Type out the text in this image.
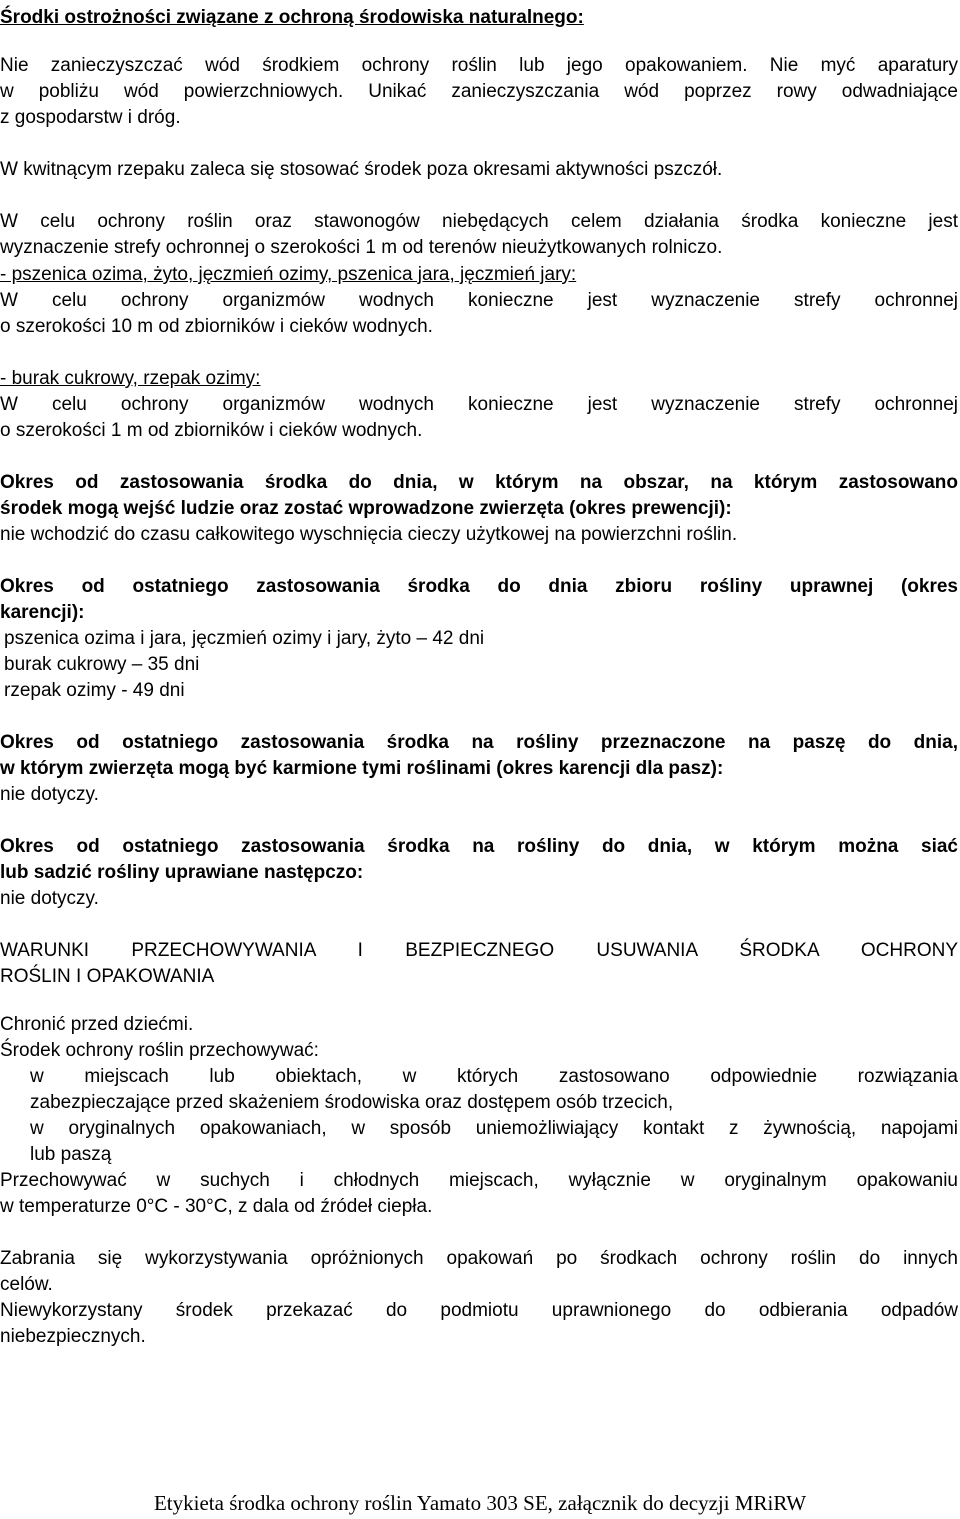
Środki ostrożności związane z ochroną środowiska naturalnego:

Nie zanieczyszczać wód środkiem ochrony roślin lub jego opakowaniem. Nie myć aparatury

w pobliżu wód powierzchniowych. Unikać zanieczyszczania wód poprzez rowy odwadniające

z gospodarstw i dróg.

W kwitnącym rzepaku zaleca się stosować środek poza okresami aktywności pszczół.

W celu ochrony roślin oraz stawonogów niebędących celem działania środka konieczne jest

wyznaczenie strefy ochronnej o szerokości 1 m od terenów nieużytkowanych rolniczo.

- pszenica ozima, żyto, jęczmień ozimy, pszenica jara, jęczmień jary:

W celu ochrony organizmów wodnych konieczne jest wyznaczenie strefy ochronnej

o szerokości 10 m od zbiorników i cieków wodnych.

- burak cukrowy, rzepak ozimy:

W celu ochrony organizmów wodnych konieczne jest wyznaczenie strefy ochronnej

o szerokości 1 m od zbiorników i cieków wodnych.

Okres od zastosowania środka do dnia, w którym na obszar, na którym zastosowano

środek mogą wejść ludzie oraz zostać wprowadzone zwierzęta (okres prewencji):

nie wchodzić do czasu całkowitego wyschnięcia cieczy użytkowej na powierzchni roślin.

Okres od ostatniego zastosowania środka do dnia zbioru rośliny uprawnej (okres

karencji):

pszenica ozima i jara, jęczmień ozimy i jary, żyto – 42 dni

burak cukrowy – 35 dni

rzepak ozimy - 49 dni

Okres od ostatniego zastosowania środka na rośliny przeznaczone na paszę do dnia,

w którym zwierzęta mogą być karmione tymi roślinami (okres karencji dla pasz):

nie dotyczy.

Okres od ostatniego zastosowania środka na rośliny do dnia, w którym można siać

lub sadzić rośliny uprawiane następczo:

nie dotyczy.

WARUNKI PRZECHOWYWANIA I BEZPIECZNEGO USUWANIA ŚRODKA OCHRONY

ROŚLIN I OPAKOWANIA

Chronić przed dziećmi.

Środek ochrony roślin przechowywać:

w miejscach lub obiektach, w których zastosowano odpowiednie rozwiązania

zabezpieczające przed skażeniem środowiska oraz dostępem osób trzecich,

w oryginalnych opakowaniach, w sposób uniemożliwiający kontakt z żywnością, napojami

lub paszą

Przechowywać w suchych i chłodnych miejscach, wyłącznie w oryginalnym opakowaniu

w temperaturze 0°C - 30°C, z dala od źródeł ciepła.

Zabrania się wykorzystywania opróżnionych opakowań po środkach ochrony roślin do innych

celów.

Niewykorzystany środek przekazać do podmiotu uprawnionego do odbierania odpadów

niebezpiecznych.

Etykieta środka ochrony roślin Yamato 303 SE, załącznik do decyzji MRiRW
